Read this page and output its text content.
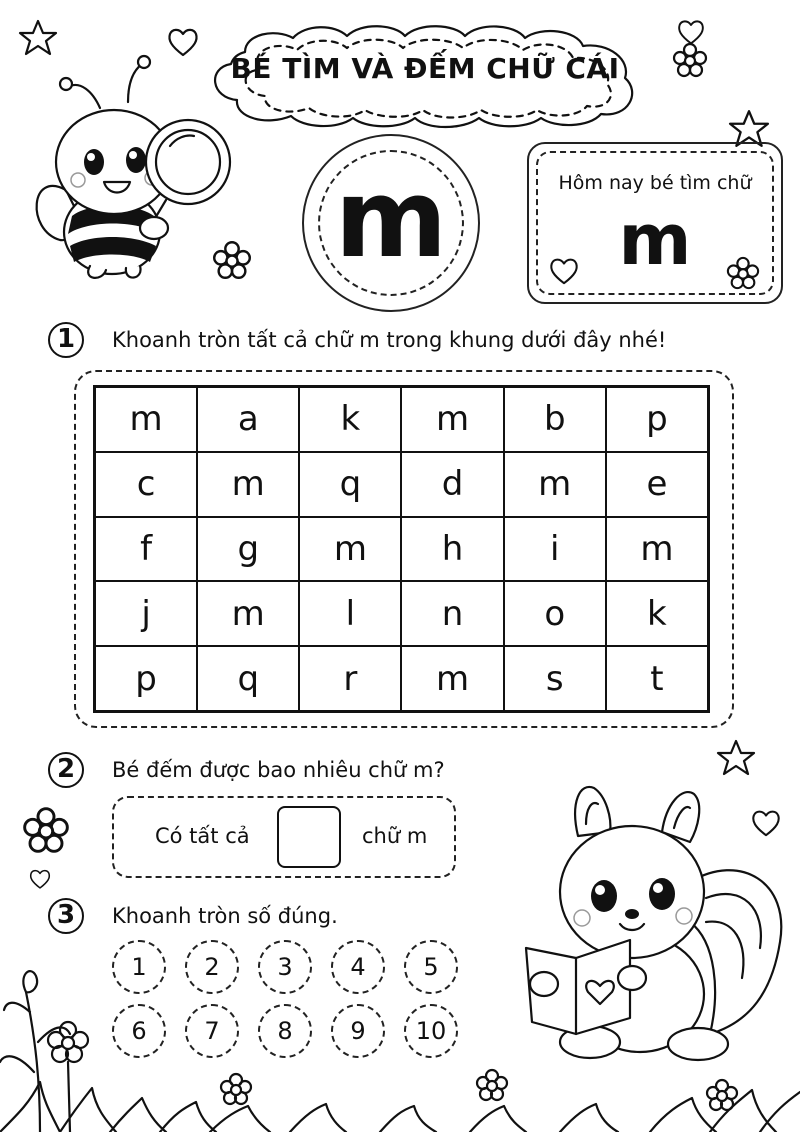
BÉ TÌM VÀ ĐẾM CHỮ CÁI
m	Hôm nay bé tìm chữ
m
1	Khoanh tròn tất cả chữ m trong khung dưới đây nhé!
m	a	k	m	b	p
c	m	q	d	m	e
f	g	m	h	i	m
j	m	l	n	o	k
p	q	r	m	s	t
2	Bé đếm được bao nhiêu chữ m?
Có tất cả	chữ m
3	Khoanh tròn số đúng.
1	2	3	4	5
6	7	8	9	10
